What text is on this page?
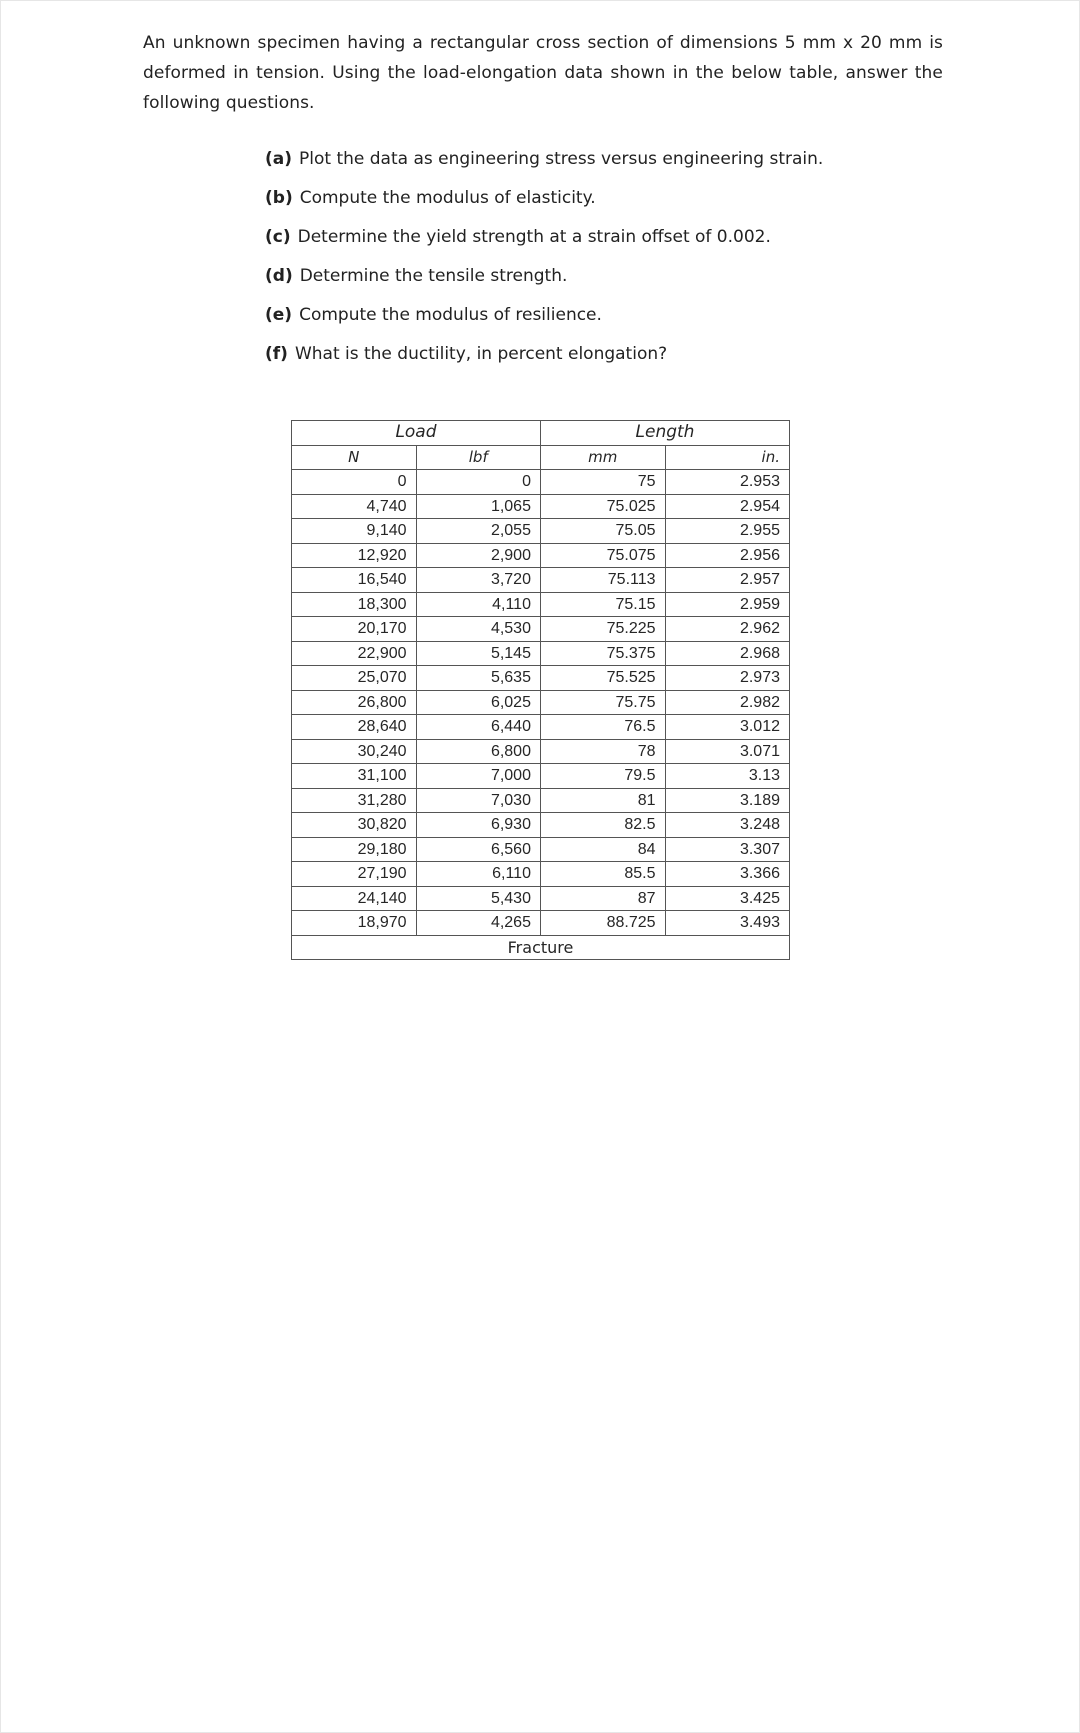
An unknown specimen having a rectangular cross section of dimensions 5 mm x 20 mm is deformed in tension. Using the load-elongation data shown in the below table, answer the following questions.

(a) Plot the data as engineering stress versus engineering strain.
(b) Compute the modulus of elasticity.
(c) Determine the yield strength at a strain offset of 0.002.
(d) Determine the tensile strength.
(e) Compute the modulus of resilience.
(f) What is the ductility, in percent elongation?
Load		Length	
N	lbf	mm	in.
0	0	75	2.953
4,740	1,065	75.025	2.954
9,140	2,055	75.05	2.955
12,920	2,900	75.075	2.956
16,540	3,720	75.113	2.957
18,300	4,110	75.15	2.959
20,170	4,530	75.225	2.962
22,900	5,145	75.375	2.968
25,070	5,635	75.525	2.973
26,800	6,025	75.75	2.982
28,640	6,440	76.5	3.012
30,240	6,800	78	3.071
31,100	7,000	79.5	3.13
31,280	7,030	81	3.189
30,820	6,930	82.5	3.248
29,180	6,560	84	3.307
27,190	6,110	85.5	3.366
24,140	5,430	87	3.425
18,970	4,265	88.725	3.493
Fracture			
